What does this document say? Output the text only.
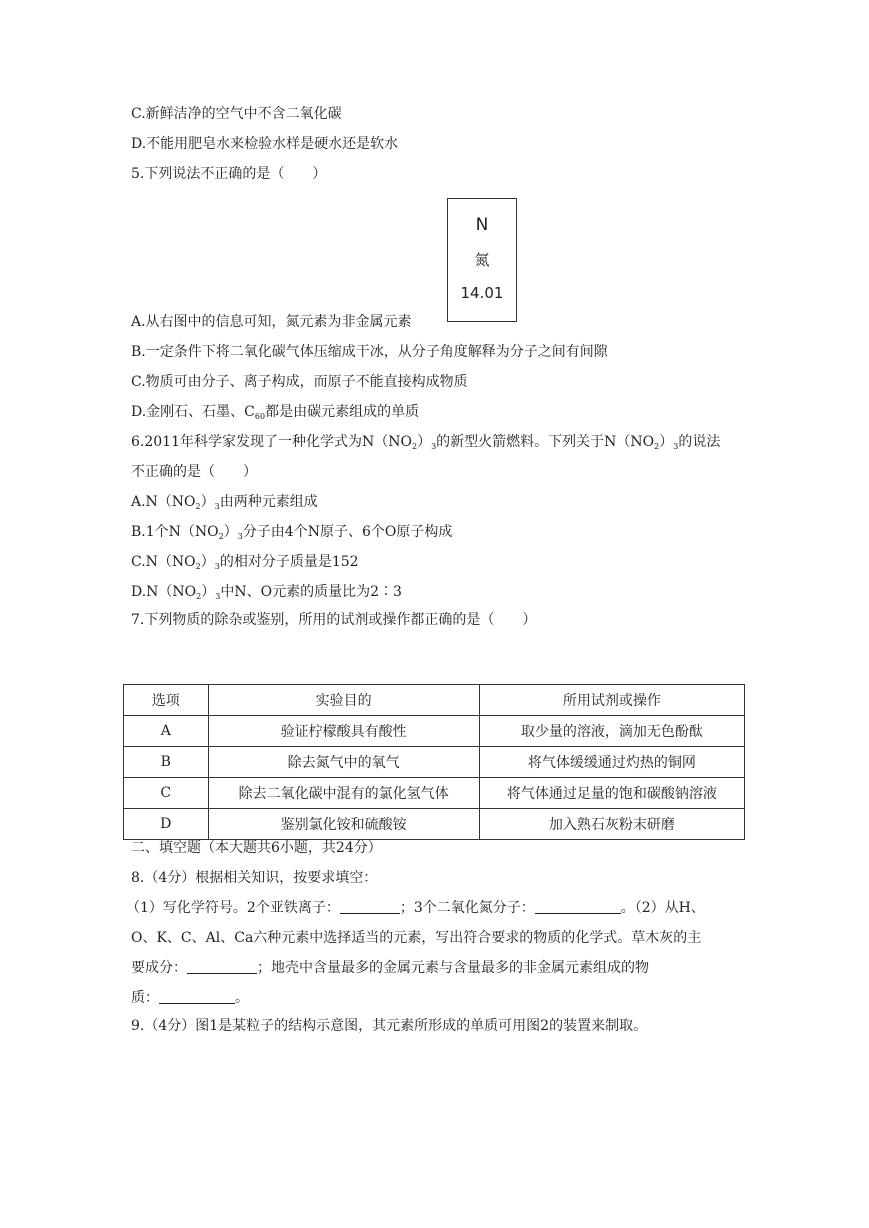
C.新鲜洁净的空气中不含二氧化碳
D.不能用肥皂水来检验水样是硬水还是软水
5.下列说法不正确的是（　　）
N
氮
14.01
A.从右图中的信息可知，氮元素为非金属元素
B.一定条件下将二氧化碳气体压缩成干冰，从分子角度解释为分子之间有间隙
C.物质可由分子、离子构成，而原子不能直接构成物质
D.金刚石、石墨、$C_{60}$都是由碳元素组成的单质
6.2011年科学家发现了一种化学式为$N(NO_2)_3$的新型火箭燃料。下列关于$N(NO_2)_3$的说法
不正确的是（　　）
$A.N(NO_2)_3$由两种元素组成
B.1个$N(NO_2)_3$分子由4个N原子、6个O原子构成
$C.N(NO_2)_3$的相对分子质量是152
$D.N(NO_2)_3$中N、O元素的质量比为2∶3
7.下列物质的除杂或鉴别，所用的试剂或操作都正确的是（　　）
选项	实验目的	所用试剂或操作
A	验证柠檬酸具有酸性	取少量的溶液，滴加无色酚酞
B	除去氮气中的氧气	将气体缓缓通过灼热的铜网
C	除去二氧化碳中混有的氯化氢气体	将气体通过足量的饱和碳酸钠溶液
D	鉴别氯化铵和硫酸铵	加入熟石灰粉末研磨
二、填空题（本大题共6小题，共24分）
8.（4分）根据相关知识，按要求填空：
（1）写化学符号。2个亚铁离子：	；3个二氧化氮分子：	。（2）从H、
O、K、C、Al、Ca六种元素中选择适当的元素，写出符合要求的物质的化学式。草木灰的主
要成分：	；地壳中含量最多的金属元素与含量最多的非金属元素组成的物
质：	。
9.（4分）图1是某粒子的结构示意图，其元素所形成的单质可用图2的装置来制取。
